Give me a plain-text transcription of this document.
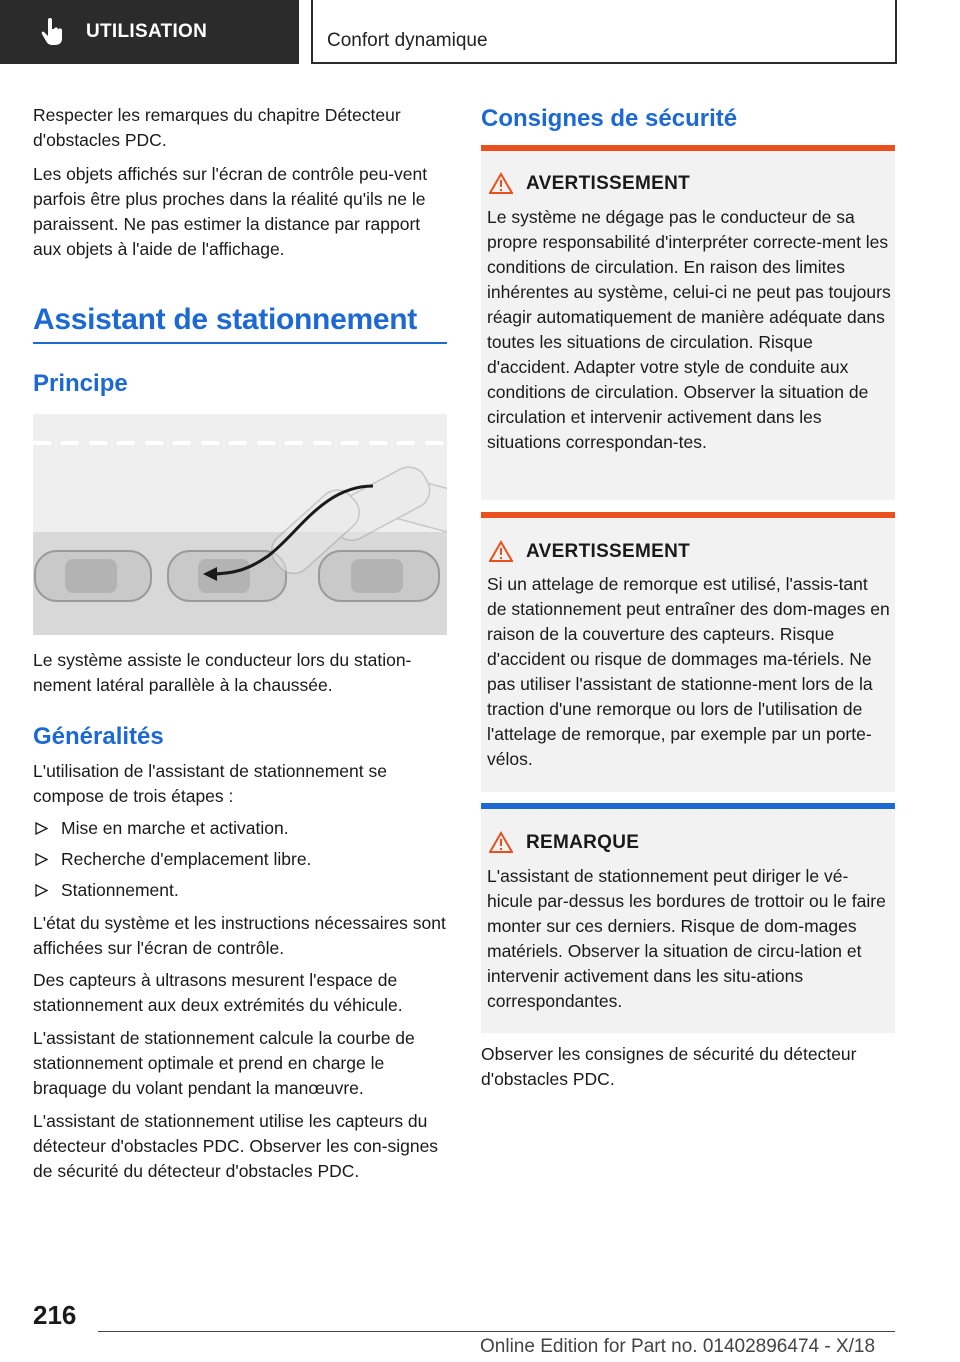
UTILISATION	Confort dynamique

Respecter les remarques du chapitre Détecteur d'obstacles PDC.

Les objets affichés sur l'écran de contrôle peu-vent parfois être plus proches dans la réalité qu'ils ne le paraissent. Ne pas estimer la distance par rapport aux objets à l'aide de l'affichage.

Assistant de stationnement
Principe

Le système assiste le conducteur lors du station-nement latéral parallèle à la chaussée.

Généralités

L'utilisation de l'assistant de stationnement se compose de trois étapes :

Mise en marche et activation.
Recherche d'emplacement libre.
Stationnement.

L'état du système et les instructions nécessaires sont affichées sur l'écran de contrôle.

Des capteurs à ultrasons mesurent l'espace de stationnement aux deux extrémités du véhicule.

L'assistant de stationnement calcule la courbe de stationnement optimale et prend en charge le braquage du volant pendant la manœuvre.

L'assistant de stationnement utilise les capteurs du détecteur d'obstacles PDC. Observer les con-signes de sécurité du détecteur d'obstacles PDC.

Consignes de sécurité
AVERTISSEMENT

Le système ne dégage pas le conducteur de sa propre responsabilité d'interpréter correcte-ment les conditions de circulation. En raison des limites inhérentes au système, celui-ci ne peut pas toujours réagir automatiquement de manière adéquate dans toutes les situations de circulation. Risque d'accident. Adapter votre style de conduite aux conditions de circulation. Observer la situation de circulation et intervenir activement dans les situations correspondan-tes.

AVERTISSEMENT

Si un attelage de remorque est utilisé, l'assis-tant de stationnement peut entraîner des dom-mages en raison de la couverture des capteurs. Risque d'accident ou risque de dommages ma-tériels. Ne pas utiliser l'assistant de stationne-ment lors de la traction d'une remorque ou lors de l'utilisation de l'attelage de remorque, par exemple par un porte-vélos.

REMARQUE

L'assistant de stationnement peut diriger le vé-hicule par-dessus les bordures de trottoir ou le faire monter sur ces derniers. Risque de dom-mages matériels. Observer la situation de circu-lation et intervenir activement dans les situ-ations correspondantes.

Observer les consignes de sécurité du détecteur d'obstacles PDC.

216
Online Edition for Part no. 01402896474 - X/18
